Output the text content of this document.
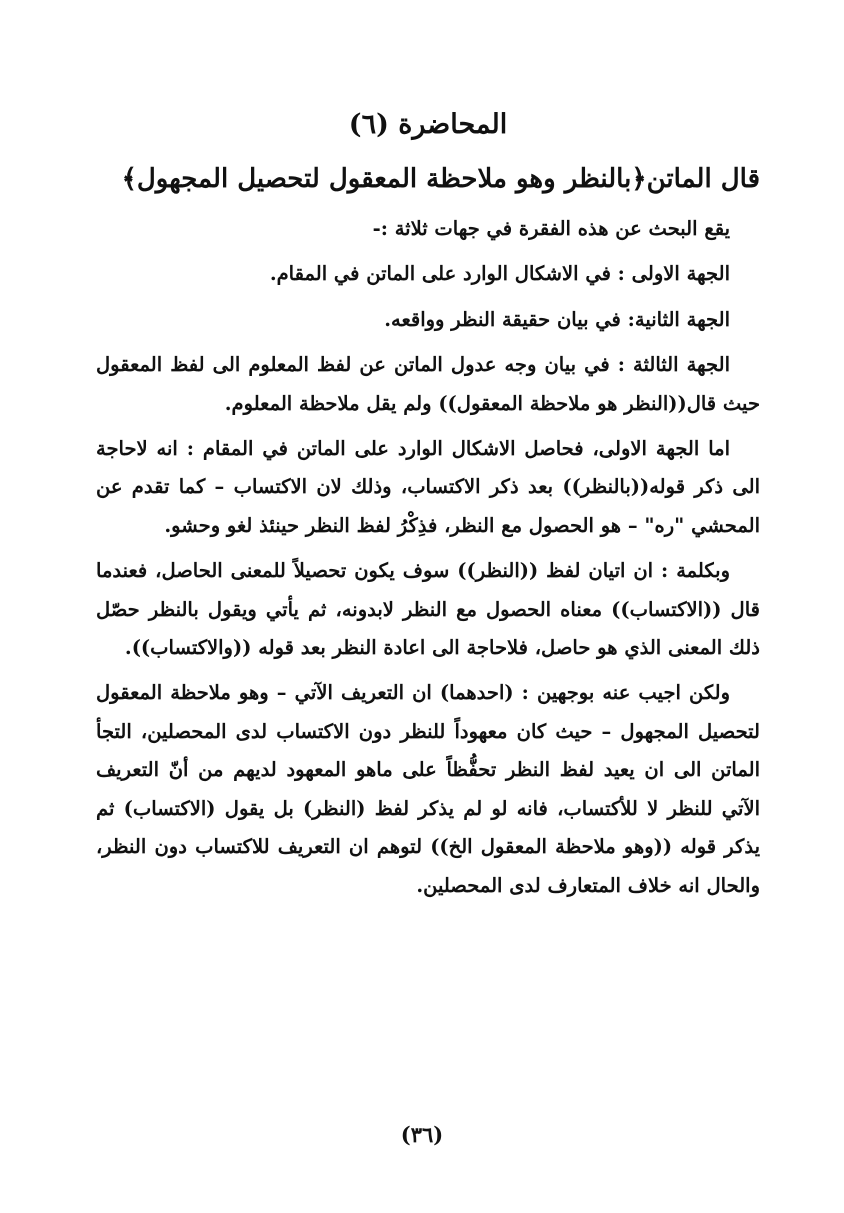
المحاضرة (٦)
قال الماتن﴿بالنظر وهو ملاحظة المعقول لتحصيل المجهول﴾

يقع البحث عن هذه الفقرة في جهات ثلاثة :-

الجهة الاولى : في الاشكال الوارد على الماتن في المقام.

الجهة الثانية: في بيان حقيقة النظر وواقعه.

الجهة الثالثة : في بيان وجه عدول الماتن عن لفظ المعلوم الى لفظ المعقول حيث قال((النظر هو ملاحظة المعقول)) ولم يقل ملاحظة المعلوم.

اما الجهة الاولى، فحاصل الاشكال الوارد على الماتن في المقام : انه لاحاجة الى ذكر قوله((بالنظر)) بعد ذكر الاكتساب، وذلك لان الاكتساب – كما تقدم عن المحشي "ره" – هو الحصول مع النظر، فذِكْرُ لفظ النظر حينئذ لغو وحشو.

وبكلمة : ان اتيان لفظ ((النظر)) سوف يكون تحصيلاً للمعنى الحاصل، فعندما قال ((الاكتساب)) معناه الحصول مع النظر لابدونه، ثم يأتي ويقول بالنظر حصّل ذلك المعنى الذي هو حاصل، فلاحاجة الى اعادة النظر بعد قوله ((والاكتساب)).

ولكن اجيب عنه بوجهين : (احدهما) ان التعريف الآتي – وهو ملاحظة المعقول لتحصيل المجهول – حيث كان معهوداً للنظر دون الاكتساب لدى المحصلين، التجأ الماتن الى ان يعيد لفظ النظر تحفُّظاً على ماهو المعهود لديهم من أنّ التعريف الآتي للنظر لا للأكتساب، فانه لو لم يذكر لفظ (النظر) بل يقول (الاكتساب) ثم يذكر قوله ((وهو ملاحظة المعقول الخ)) لتوهم ان التعريف للاكتساب دون النظر، والحال انه خلاف المتعارف لدى المحصلين.

(٣٦)
